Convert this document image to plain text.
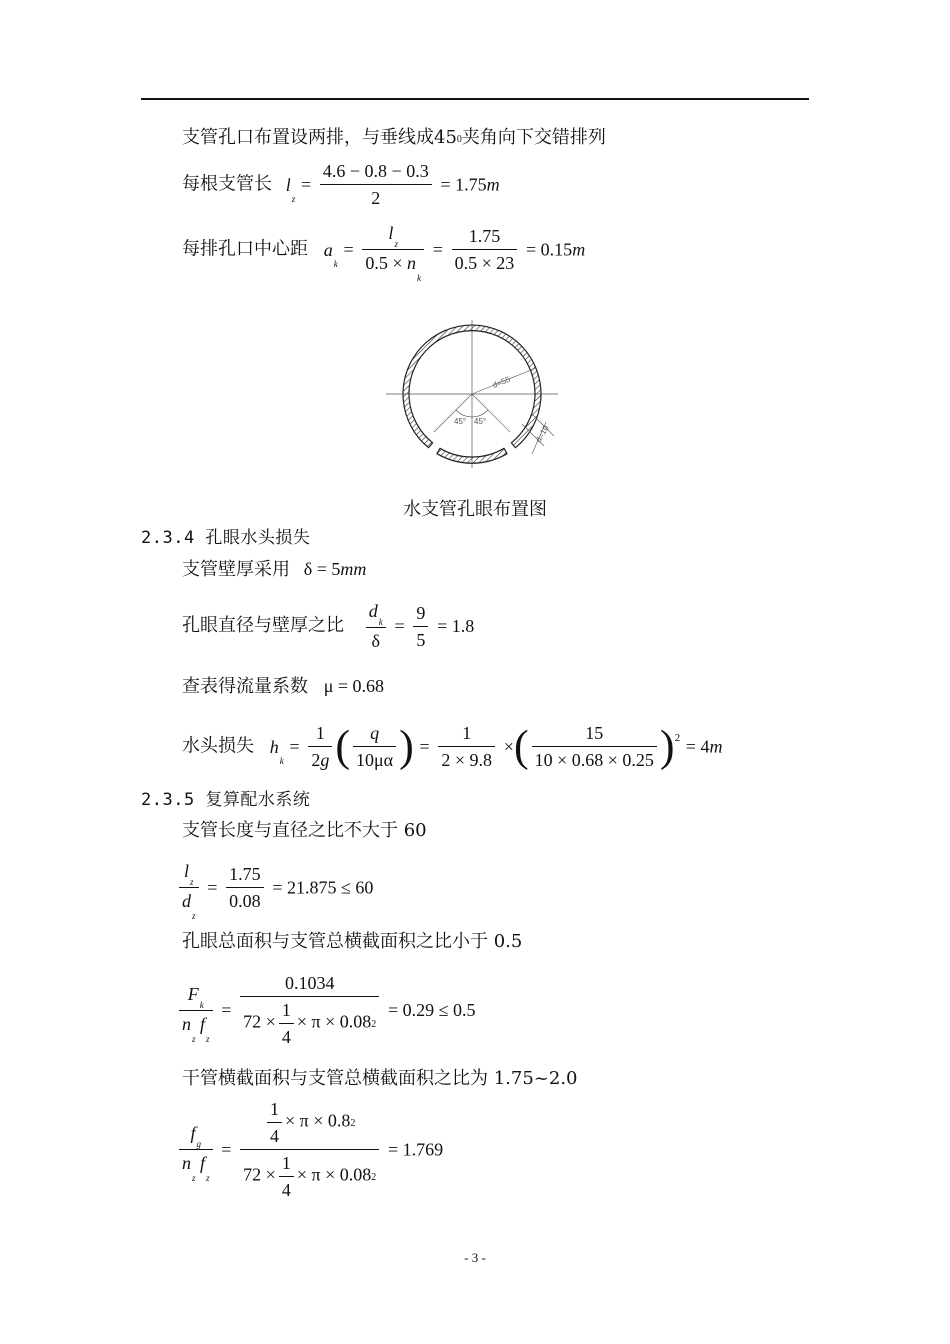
支管孔口布置设两排，与垂线成450夹角向下交错排列
每根支管长 $l_z = \frac{4.6 - 0.8 - 0.3}{2} = 1.75m$
每排孔口中心距 $a_k = \frac{l_z}{0.5 \times n_k} = \frac{1.75}{0.5 \times 23} = 0.15m$
d=55
45° 45°
d=10
水支管孔眼布置图
2.3.4 孔眼水头损失
支管壁厚采用 δ = 5mm
孔眼直径与壁厚之比 $\frac{d_k}{\delta} = \frac{9}{5} = 1.8$
查表得流量系数 μ = 0.68
水头损失 $h_k = \frac{1}{2g}$ ( $\frac{q}{10\mu\alpha}$ ) = $\frac{1}{2 \times 9.8}$ ×( $\frac{15}{10 \times 0.68 \times 0.25} )^2 = 4m$
2.3.5 复算配水系统
支管长度与直径之比不大于 60
$\frac{l_z}{d_z} = \frac{1.75}{0.08} = 21.875 \le 60$
孔眼总面积与支管总横截面积之比小于 0.5
$\frac{F_k}{n_z f_z} = \frac{0.1034}{72 \times \frac{1}{4} \times \pi \times 0.082} = 0.29 \le 0.5$
干管横截面积与支管总横截面积之比为 1.75~2.0
$\frac{f_g}{n_z f_z} = \frac{\frac{1}{4} \times \pi \times 0.82}{72 \times \frac{1}{4} \times \pi \times 0.082} = 1.769$
- 3 -
